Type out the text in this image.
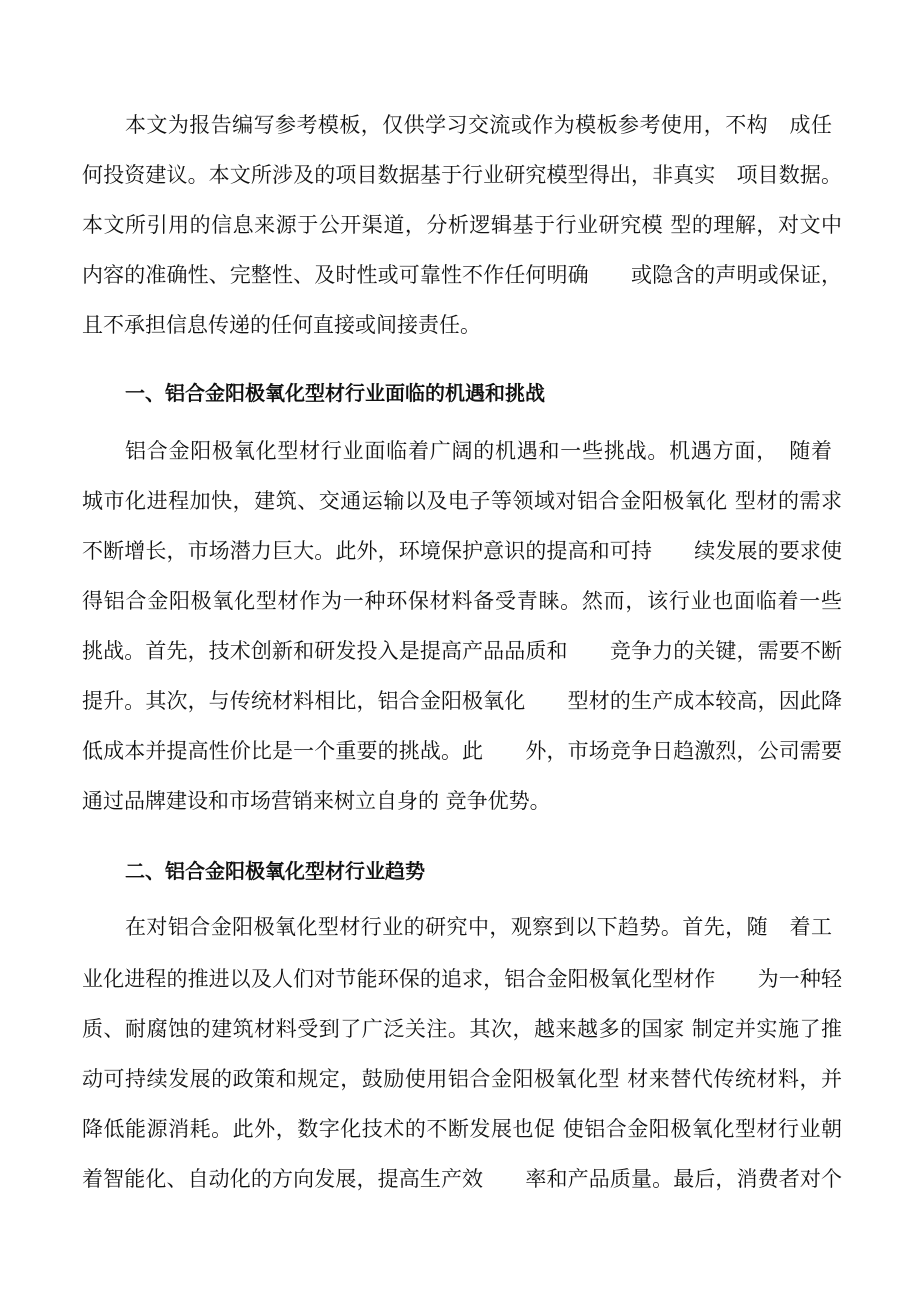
本文为报告编写参考模板，仅供学习交流或作为模板参考使用，不构　成任
何投资建议。本文所涉及的项目数据基于行业研究模型得出，非真实　项目数据。
本文所引用的信息来源于公开渠道，分析逻辑基于行业研究模 型的理解，对文中
内容的准确性、完整性、及时性或可靠性不作任何明确　　或隐含的声明或保证，
且不承担信息传递的任何直接或间接责任。
一、铝合金阳极氧化型材行业面临的机遇和挑战
铝合金阳极氧化型材行业面临着广阔的机遇和一些挑战。机遇方面，　随着
城市化进程加快，建筑、交通运输以及电子等领域对铝合金阳极氧化 型材的需求
不断增长，市场潜力巨大。此外，环境保护意识的提高和可持　　续发展的要求使
得铝合金阳极氧化型材作为一种环保材料备受青睐。然而，该行业也面临着一些
挑战。首先，技术创新和研发投入是提高产品品质和　　竞争力的关键，需要不断
提升。其次，与传统材料相比，铝合金阳极氧化　　型材的生产成本较高，因此降
低成本并提高性价比是一个重要的挑战。此　　外，市场竞争日趋激烈，公司需要
通过品牌建设和市场营销来树立自身的 竞争优势。
二、铝合金阳极氧化型材行业趋势
在对铝合金阳极氧化型材行业的研究中，观察到以下趋势。首先，随　着工
业化进程的推进以及人们对节能环保的追求，铝合金阳极氧化型材作　　为一种轻
质、耐腐蚀的建筑材料受到了广泛关注。其次，越来越多的国家 制定并实施了推
动可持续发展的政策和规定，鼓励使用铝合金阳极氧化型 材来替代传统材料，并
降低能源消耗。此外，数字化技术的不断发展也促 使铝合金阳极氧化型材行业朝
着智能化、自动化的方向发展，提高生产效　　率和产品质量。最后，消费者对个
